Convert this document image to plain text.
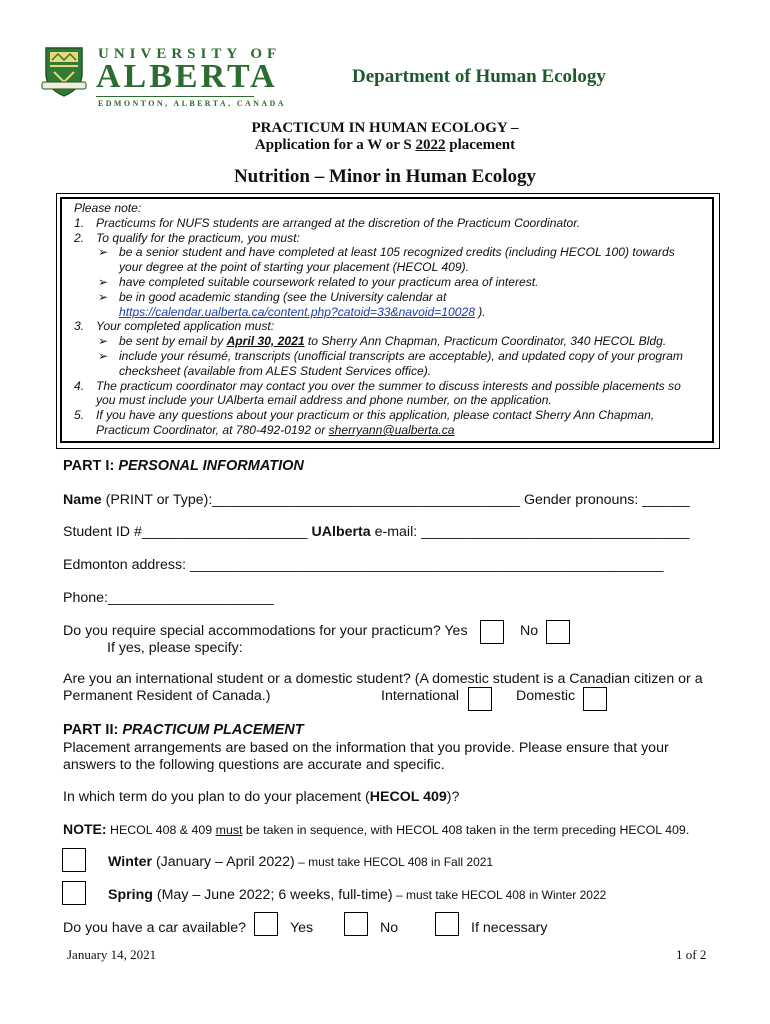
UNIVERSITY OF
ALBERTA
EDMONTON, ALBERTA, CANADA
Department of Human Ecology
PRACTICUM IN HUMAN ECOLOGY –
Application for a W or S 2022 placement
Nutrition – Minor in Human Ecology
Please note:
1. Practicums for NUFS students are arranged at the discretion of the Practicum Coordinator.
2. To qualify for the practicum, you must:
➢ be a senior student and have completed at least 105 recognized credits (including HECOL 100) towards
your degree at the point of starting your placement (HECOL 409).
➢ have completed suitable coursework related to your practicum area of interest.
➢ be in good academic standing (see the University calendar at
https://calendar.ualberta.ca/content.php?catoid=33&navoid=10028 ).
3. Your completed application must:
➢ be sent by email by April 30, 2021 to Sherry Ann Chapman, Practicum Coordinator, 340 HECOL Bldg.
➢ include your résumé, transcripts (unofficial transcripts are acceptable), and updated copy of your program
checksheet (available from ALES Student Services office).
4. The practicum coordinator may contact you over the summer to discuss interests and possible placements so
you must include your UAlberta email address and phone number, on the application.
5. If you have any questions about your practicum or this application, please contact Sherry Ann Chapman,
Practicum Coordinator, at 780-492-0192 or sherryann@ualberta.ca
PART I: PERSONAL INFORMATION
Name (PRINT or Type):_______________________________________ Gender pronouns: ______
Student ID #_____________________ UAlberta e-mail: __________________________________
Edmonton address: ____________________________________________________________
Phone:_____________________
Do you require special accommodations for your practicum? Yes	No
If yes, please specify:
Are you an international student or a domestic student? (A domestic student is a Canadian citizen or a
Permanent Resident of Canada.)	International	Domestic
PART II: PRACTICUM PLACEMENT
Placement arrangements are based on the information that you provide. Please ensure that your
answers to the following questions are accurate and specific.
In which term do you plan to do your placement (HECOL 409)?
NOTE: HECOL 408 & 409 must be taken in sequence, with HECOL 408 taken in the term preceding HECOL 409.
Winter (January – April 2022) – must take HECOL 408 in Fall 2021
Spring (May – June 2022; 6 weeks, full-time) – must take HECOL 408 in Winter 2022
Do you have a car available?	Yes	No	If necessary
January 14, 2021	1 of 2
